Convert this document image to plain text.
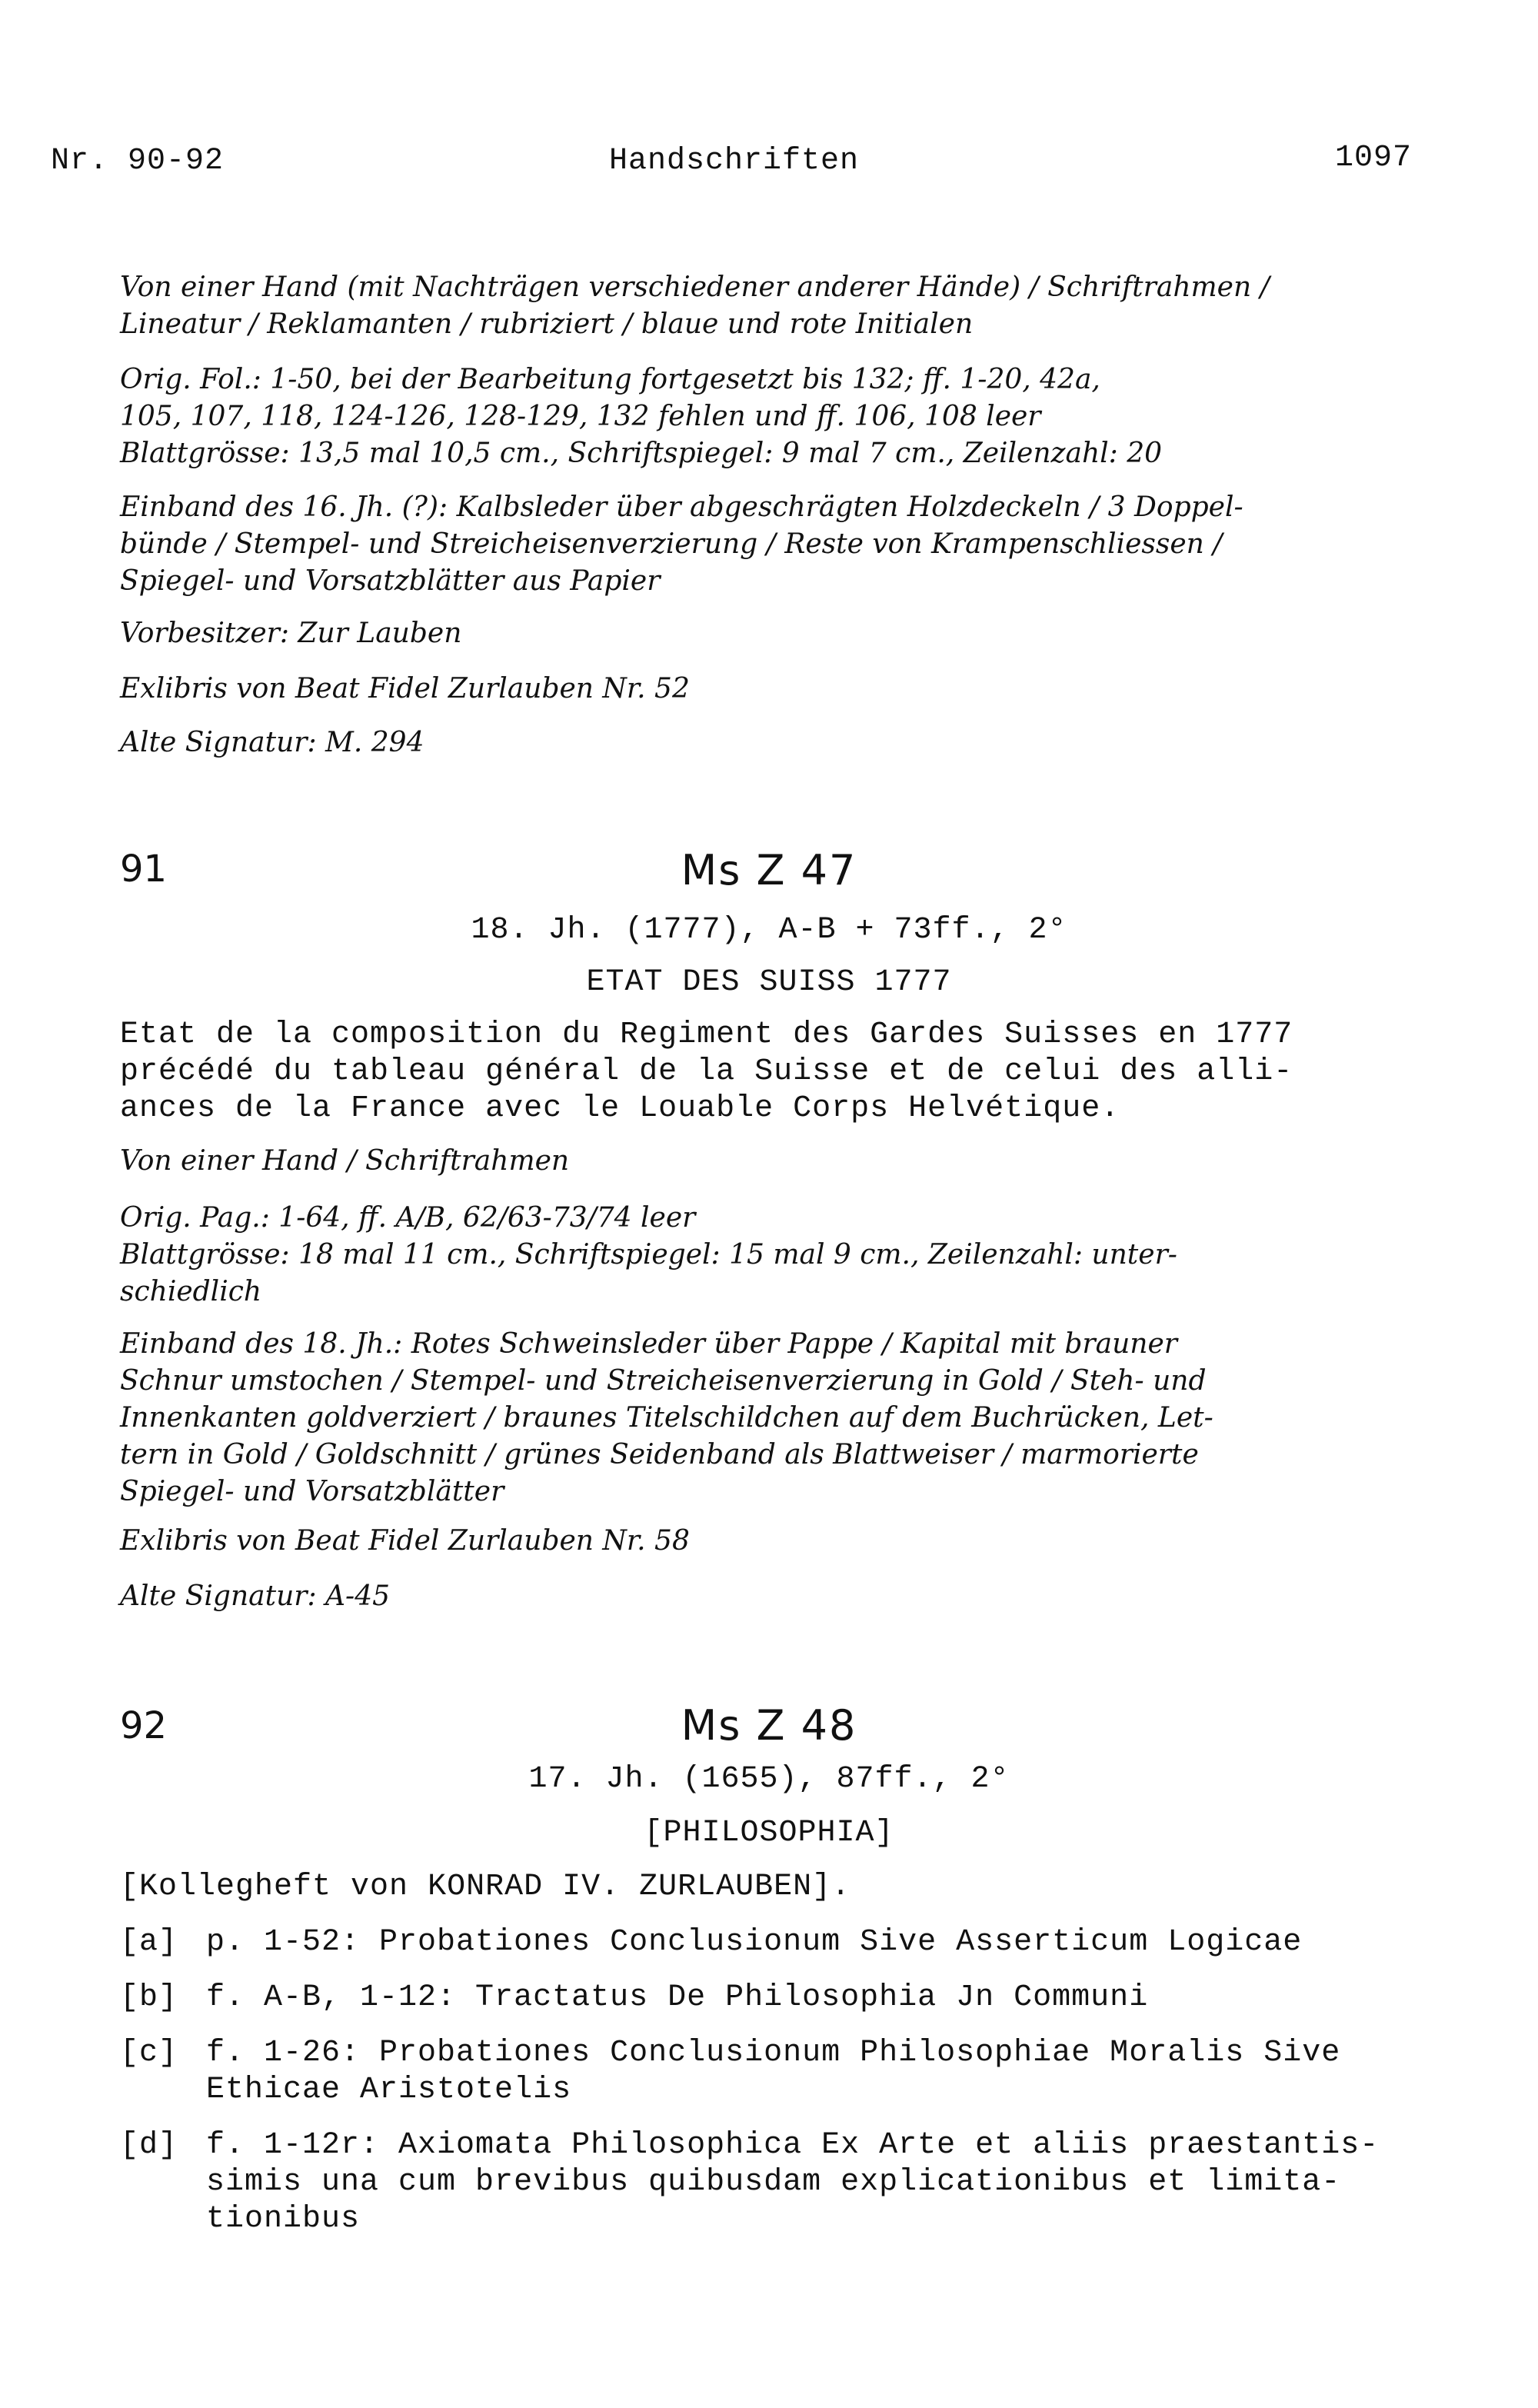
Nr. 90-92	Handschriften	1097
Von einer Hand (mit Nachträgen verschiedener anderer Hände) / Schriftrahmen /
Lineatur / Reklamanten / rubriziert / blaue und rote Initialen
Orig. Fol.: 1-50, bei der Bearbeitung fortgesetzt bis 132; ff. 1-20, 42a,
105, 107, 118, 124-126, 128-129, 132 fehlen und ff. 106, 108 leer
Blattgrösse: 13,5 mal 10,5 cm., Schriftspiegel: 9 mal 7 cm., Zeilenzahl: 20
Einband des 16. Jh. (?): Kalbsleder über abgeschrägten Holzdeckeln / 3 Doppel-
bünde / Stempel- und Streicheisenverzierung / Reste von Krampenschliessen /
Spiegel- und Vorsatzblätter aus Papier
Vorbesitzer: Zur Lauben
Exlibris von Beat Fidel Zurlauben Nr. 52
Alte Signatur: M. 294
91	Ms Z 47
18. Jh. (1777), A-B + 73ff., 2°
ETAT DES SUISS 1777
Etat de la composition du Regiment des Gardes Suisses en 1777
précédé du tableau général de la Suisse et de celui des alli-
ances de la France avec le Louable Corps Helvétique.
Von einer Hand / Schriftrahmen
Orig. Pag.: 1-64, ff. A/B, 62/63-73/74 leer
Blattgrösse: 18 mal 11 cm., Schriftspiegel: 15 mal 9 cm., Zeilenzahl: unter-
schiedlich
Einband des 18. Jh.: Rotes Schweinsleder über Pappe / Kapital mit brauner
Schnur umstochen / Stempel- und Streicheisenverzierung in Gold / Steh- und
Innenkanten goldverziert / braunes Titelschildchen auf dem Buchrücken, Let-
tern in Gold / Goldschnitt / grünes Seidenband als Blattweiser / marmorierte
Spiegel- und Vorsatzblätter
Exlibris von Beat Fidel Zurlauben Nr. 58
Alte Signatur: A-45
92	Ms Z 48
17. Jh. (1655), 87ff., 2°
[PHILOSOPHIA]
[Kollegheft von KONRAD IV. ZURLAUBEN].
[a] p. 1-52: Probationes Conclusionum Sive Asserticum Logicae
[b] f. A-B, 1-12: Tractatus De Philosophia Jn Communi
[c] f. 1-26: Probationes Conclusionum Philosophiae Moralis Sive
Ethicae Aristotelis
[d] f. 1-12r: Axiomata Philosophica Ex Arte et aliis praestantis-
simis una cum brevibus quibusdam explicationibus et limita-
tionibus
